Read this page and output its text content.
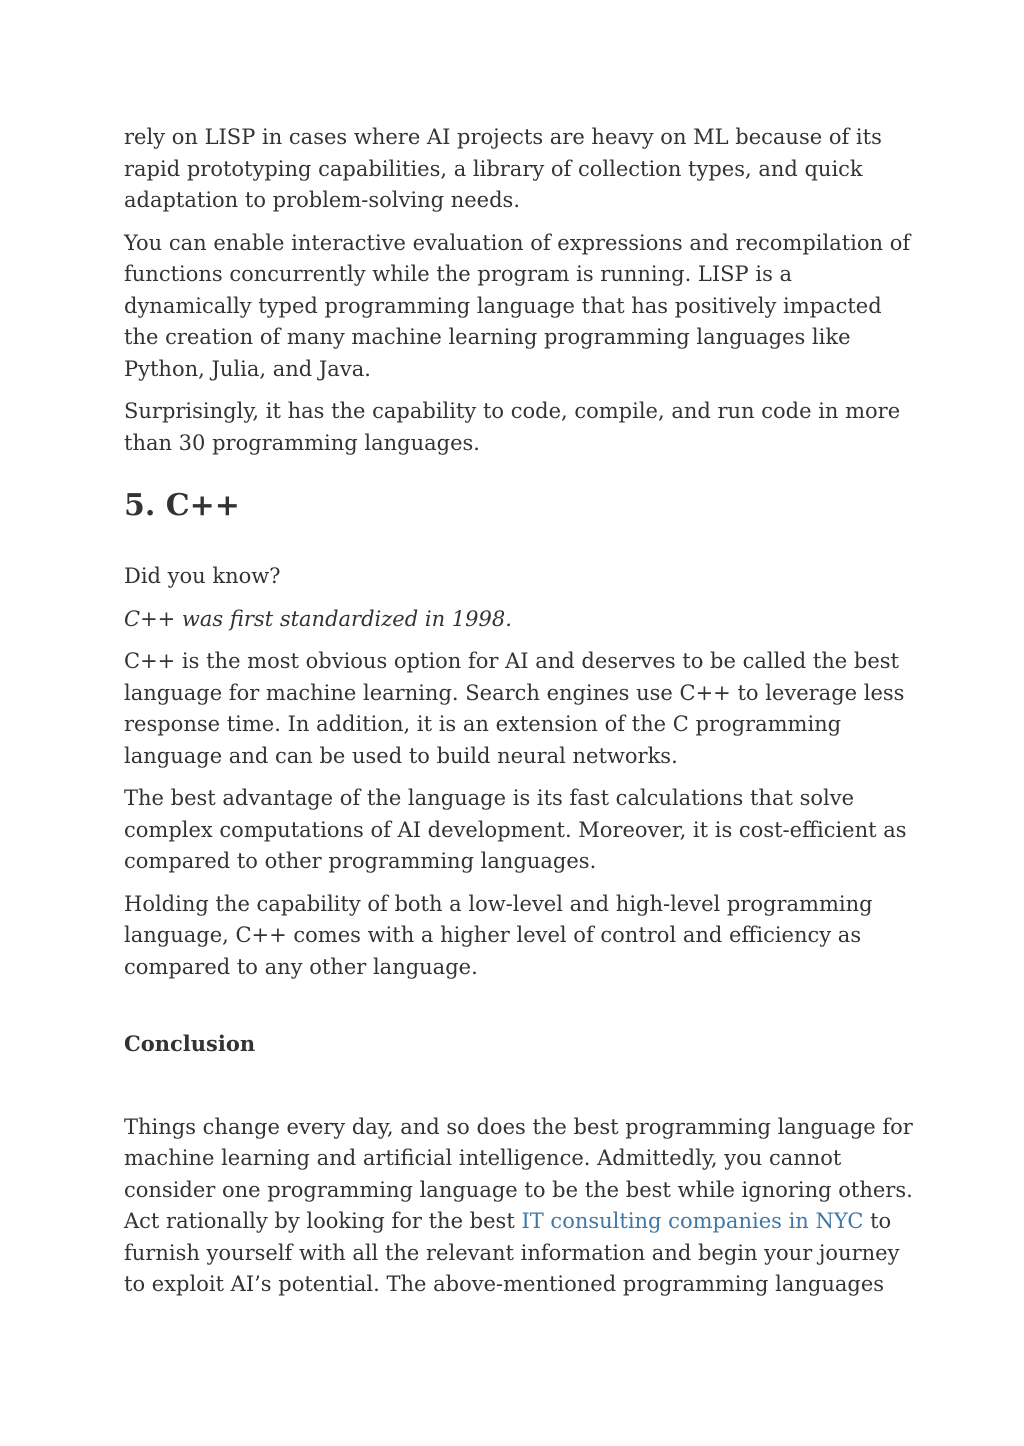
rely on LISP in cases where AI projects are heavy on ML because of its rapid prototyping capabilities, a library of collection types, and quick adaptation to problem-solving needs.

You can enable interactive evaluation of expressions and recompilation of functions concurrently while the program is running. LISP is a dynamically typed programming language that has positively impacted the creation of many machine learning programming languages like Python, Julia, and Java.

Surprisingly, it has the capability to code, compile, and run code in more than 30 programming languages.

5. C++

Did you know?

C++ was first standardized in 1998.

C++ is the most obvious option for AI and deserves to be called the best language for machine learning. Search engines use C++ to leverage less response time. In addition, it is an extension of the C programming language and can be used to build neural networks.

The best advantage of the language is its fast calculations that solve complex computations of AI development. Moreover, it is cost-efficient as compared to other programming languages.

Holding the capability of both a low-level and high-level programming language, C++ comes with a higher level of control and efficiency as compared to any other language.

Conclusion

Things change every day, and so does the best programming language for machine learning and artificial intelligence. Admittedly, you cannot consider one programming language to be the best while ignoring others. Act rationally by looking for the best IT consulting companies in NYC to furnish yourself with all the relevant information and begin your journey to exploit AI’s potential. The above-mentioned programming languages
